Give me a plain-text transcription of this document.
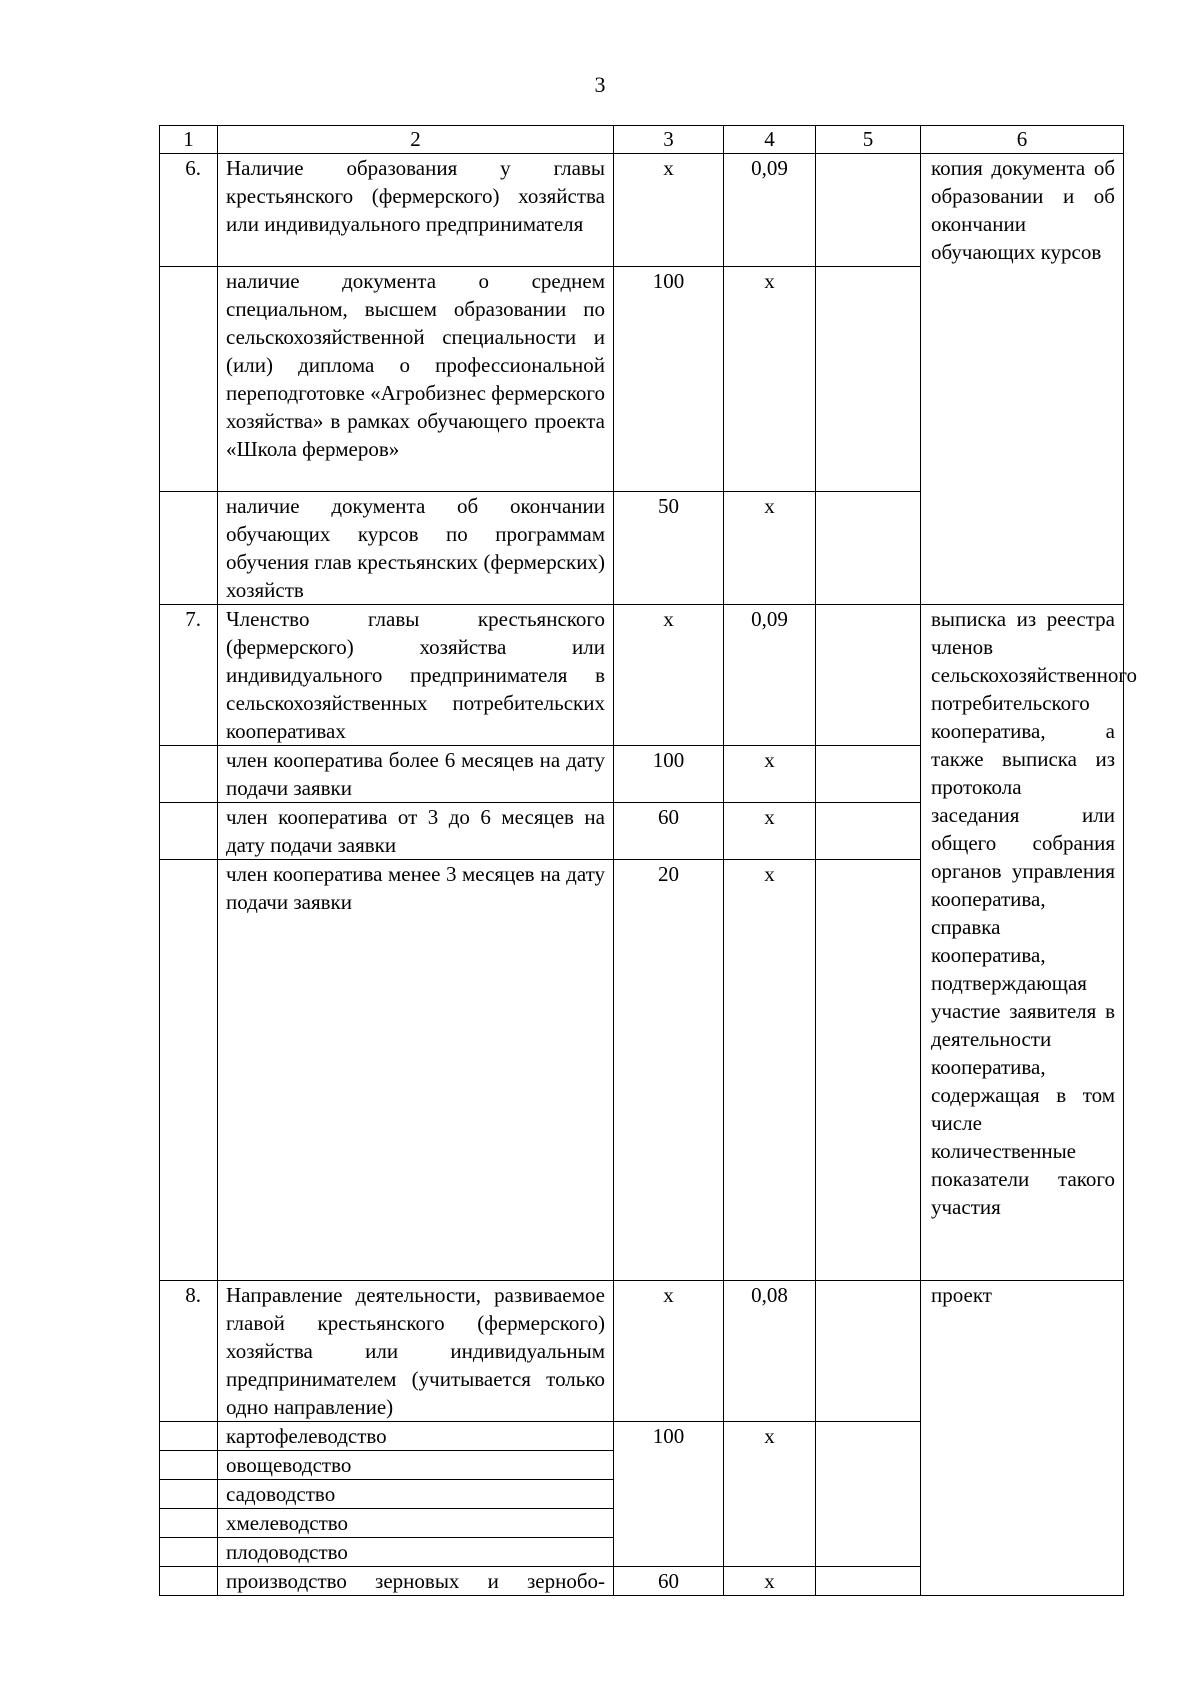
3
1	2	3	4	5	6
6.	Наличие образования у главы крестьянского (фермерского) хозяйства или индивидуального предпринимателя	х	0,09		копия документа об образовании и об окончании обучающих курсов
	наличие документа о среднем специальном, высшем образовании по сельскохозяйственной специальности и (или) диплома о профессиональной переподготовке «Агробизнес фермерского хозяйства» в рамках обучающего проекта «Школа фермеров»	100	х		
	наличие документа об окончании обучающих курсов по программам обучения глав крестьянских (фермерских) хозяйств	50	х		
7.	Членство главы крестьянского (фермерского) хозяйства или индивидуального предпринимателя в сельскохозяйственных потребительских кооперативах	х	0,09		выписка из реестра членов сельскохозяйственного потребительского кооператива, а также выписка из протокола заседания или общего собрания органов управления кооператива, справка кооператива, подтверждающая участие заявителя в деятельности кооператива, содержащая в том числе количественные показатели такого участия
	член кооператива более 6 месяцев на дату подачи заявки	100	х		
	член кооператива от 3 до 6 месяцев на дату подачи заявки	60	х		
	член кооператива менее 3 месяцев на дату подачи заявки	20	х		
8.	Направление деятельности, развиваемое главой крестьянского (фермерского) хозяйства или индивидуальным предпринимателем (учитывается только одно направление)	х	0,08		проект
	картофелеводство	100	х		
	овощеводство				
	садоводство				
	хмелеводство				
	плодоводство				
	производство зерновых и зернобо-	60	х		
